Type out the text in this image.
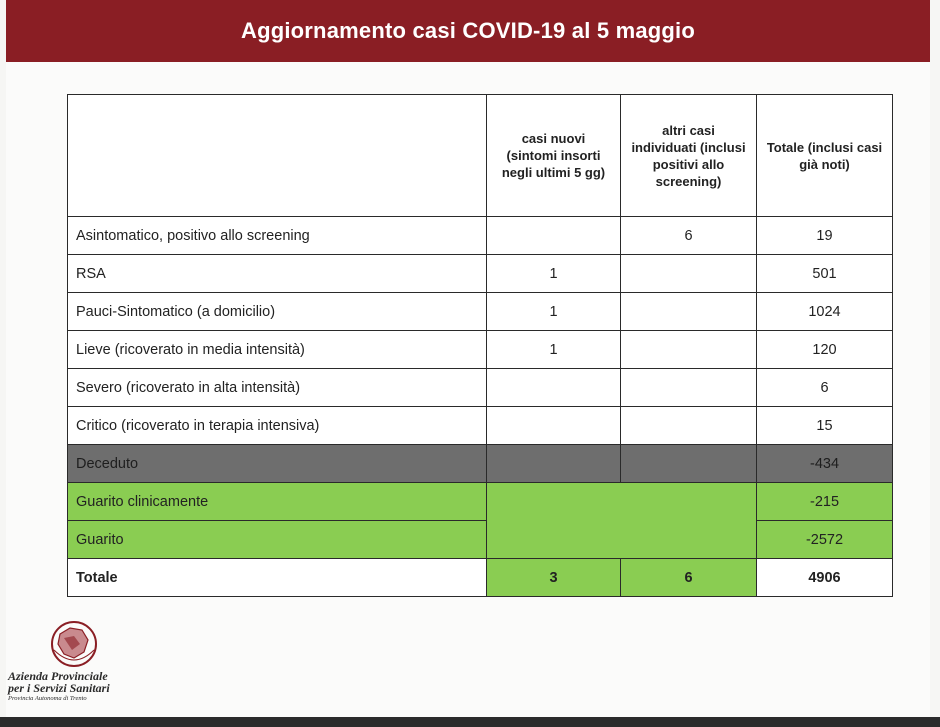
Aggiornamento casi COVID-19 al 5 maggio
	casi nuovi (sintomi insorti negli ultimi 5 gg)	altri casi individuati (inclusi positivi allo screening)	Totale (inclusi casi già noti)
Asintomatico, positivo allo screening		6	19
RSA	1		501
Pauci-Sintomatico (a domicilio)	1		1024
Lieve (ricoverato in media intensità)	1		120
Severo (ricoverato in alta intensità)			6
Critico (ricoverato in terapia intensiva)			15
Deceduto			-434
Guarito clinicamente			-215
Guarito			-2572
Totale	3	6	4906
Azienda Provinciale
per i Servizi Sanitari
Provincia Autonoma di Trento
